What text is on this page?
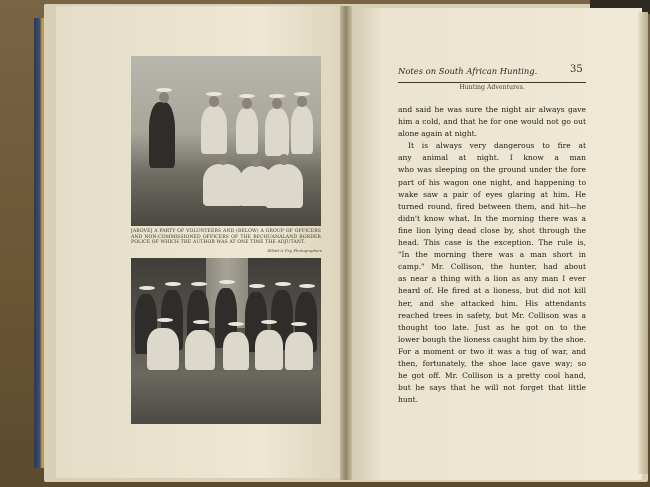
[ABOVE] A PARTY OF VOLUNTEERS AND (BELOW) A GROUP OF OFFICERS AND NON-COMMISSIONED OFFICERS OF THE BECHUANALAND BORDER POLICE OF WHICH THE AUTHOR WAS AT ONE TIME THE ADJUTANT.
Elliott & Fry, Photographers
Notes on South African Hunting.	35
Hunting Adventures.
and said he was sure the night air always gave
him a cold, and that he for one would not go out
alone again at night.
It is always very dangerous to fire at
any animal at night. I know a man
who was sleeping on the ground under the fore
part of his wagon one night, and happening to
wake saw a pair of eyes glaring at him. He
turned round, fired between them, and hit—he
didn't know what. In the morning there was a
fine lion lying dead close by, shot through the
head. This case is the exception. The rule is,
"In the morning there was a man short in
camp." Mr. Collison, the hunter, had about
as near a thing with a lion as any man I ever
heard of. He fired at a lioness, but did not kill
her, and she attacked him. His attendants
reached trees in safety, but Mr. Collison was a
thought too late. Just as he got on to the
lower bough the lioness caught him by the shoe.
For a moment or two it was a tug of war, and
then, fortunately, the shoe lace gave way; so
he got off. Mr. Collison is a pretty cool hand,
but he says that he will not forget that little
hunt.
